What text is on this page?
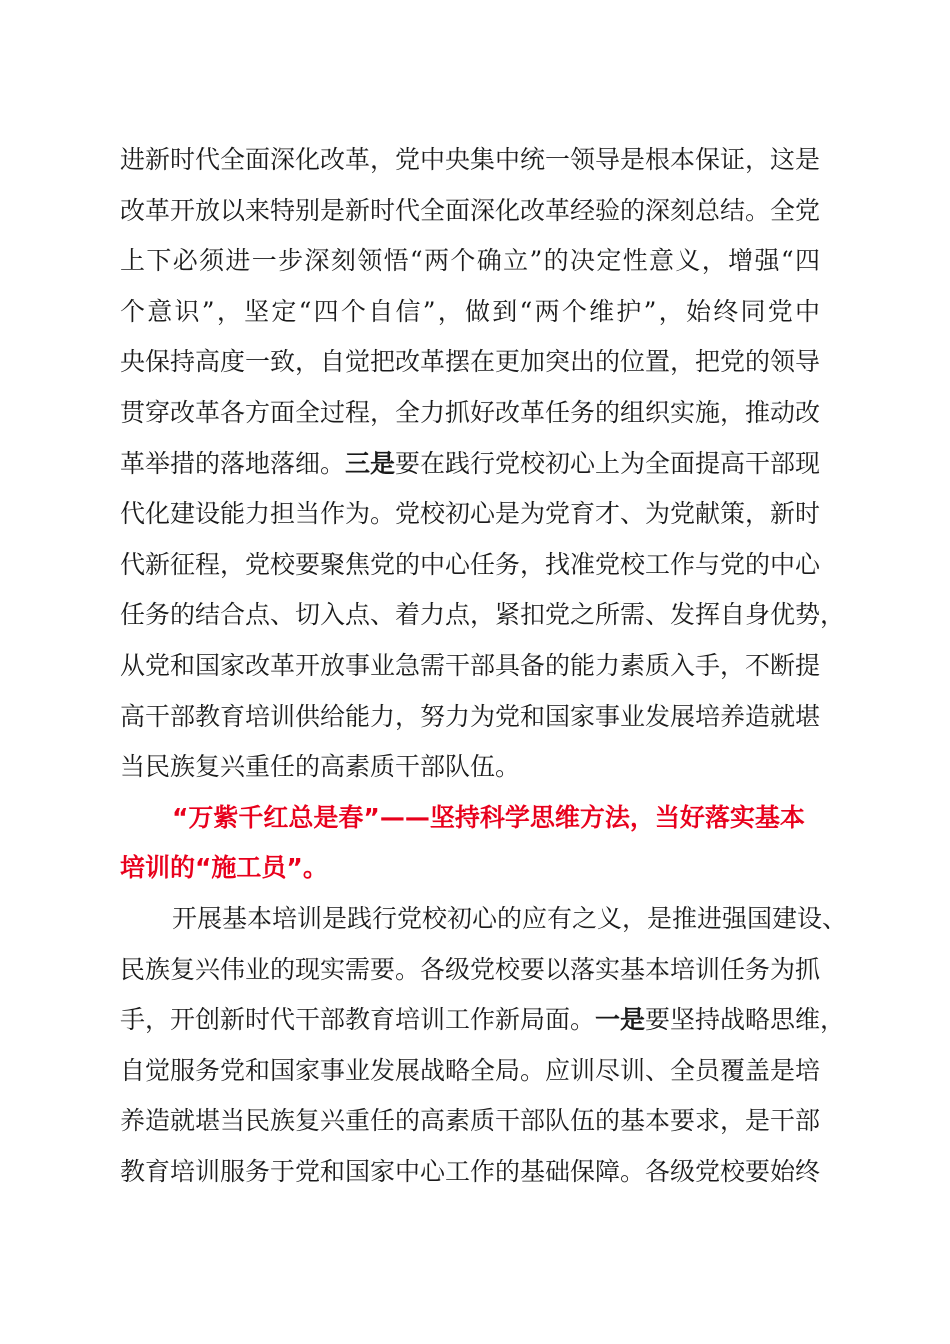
进新时代全面深化改革，党中央集中统一领导是根本保证，这是
改革开放以来特别是新时代全面深化改革经验的深刻总结。全党
上下必须进一步深刻领悟“两个确立”的决定性意义，增强“四
个意识”，坚定“四个自信”，做到“两个维护”，始终同党中
央保持高度一致，自觉把改革摆在更加突出的位置，把党的领导
贯穿改革各方面全过程，全力抓好改革任务的组织实施，推动改
革举措的落地落细。三是要在践行党校初心上为全面提高干部现
代化建设能力担当作为。党校初心是为党育才、为党献策，新时
代新征程，党校要聚焦党的中心任务，找准党校工作与党的中心
任务的结合点、切入点、着力点，紧扣党之所需、发挥自身优势，
从党和国家改革开放事业急需干部具备的能力素质入手，不断提
高干部教育培训供给能力，努力为党和国家事业发展培养造就堪
当民族复兴重任的高素质干部队伍。
“万紫千红总是春”——坚持科学思维方法，当好落实基本
培训的“施工员”。
开展基本培训是践行党校初心的应有之义，是推进强国建设、
民族复兴伟业的现实需要。各级党校要以落实基本培训任务为抓
手，开创新时代干部教育培训工作新局面。一是要坚持战略思维，
自觉服务党和国家事业发展战略全局。应训尽训、全员覆盖是培
养造就堪当民族复兴重任的高素质干部队伍的基本要求，是干部
教育培训服务于党和国家中心工作的基础保障。各级党校要始终
